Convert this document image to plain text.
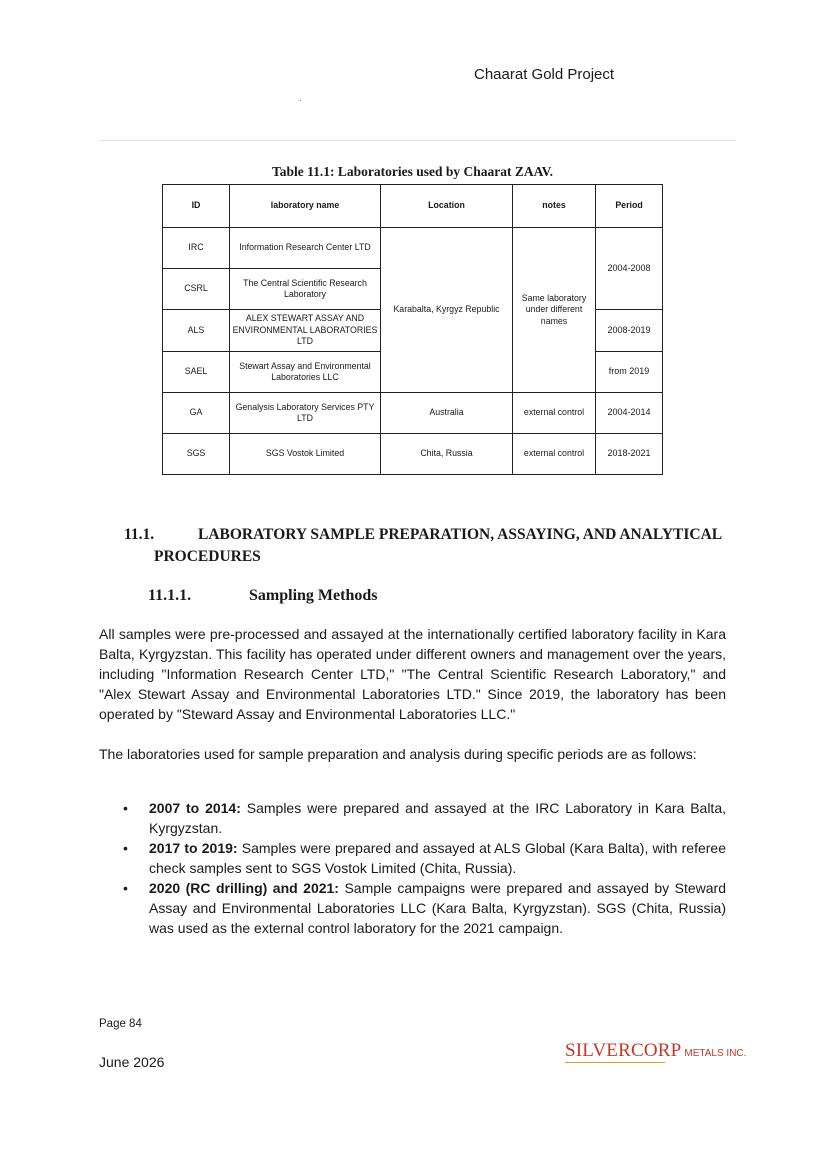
Chaarat Gold Project
Table 11.1: Laboratories used by Chaarat ZAAV.
ID	laboratory name	Location	notes	Period
IRC	Information Research Center LTD	Karabalta, Kyrgyz Republic	Same laboratory under different names	2004-2008
CSRL	The Central Scientific Research Laboratory			
ALS	ALEX STEWART ASSAY AND ENVIRONMENTAL LABORATORIES LTD			2008-2019
SAEL	Stewart Assay and Environmental Laboratories LLC			from 2019
GA	Genalysis Laboratory Services PTY LTD	Australia	external control	2004-2014
SGS	SGS Vostok Limited	Chita, Russia	external control	2018-2021
11.1.	LABORATORY SAMPLE PREPARATION, ASSAYING, AND ANALYTICAL
PROCEDURES
11.1.1.	Sampling Methods

All samples were pre-processed and assayed at the internationally certified laboratory facility in Kara Balta, Kyrgyzstan. This facility has operated under different owners and management over the years, including "Information Research Center LTD," "The Central Scientific Research Laboratory," and "Alex Stewart Assay and Environmental Laboratories LTD." Since 2019, the laboratory has been operated by "Steward Assay and Environmental Laboratories LLC."

The laboratories used for sample preparation and analysis during specific periods are as follows:

• 2007 to 2014: Samples were prepared and assayed at the IRC Laboratory in Kara Balta, Kyrgyzstan.
• 2017 to 2019: Samples were prepared and assayed at ALS Global (Kara Balta), with referee check samples sent to SGS Vostok Limited (Chita, Russia).
• 2020 (RC drilling) and 2021: Sample campaigns were prepared and assayed by Steward Assay and Environmental Laboratories LLC (Kara Balta, Kyrgyzstan). SGS (Chita, Russia) was used as the external control laboratory for the 2021 campaign.
Page 84
June 2026
SILVERCORP METALS INC.
